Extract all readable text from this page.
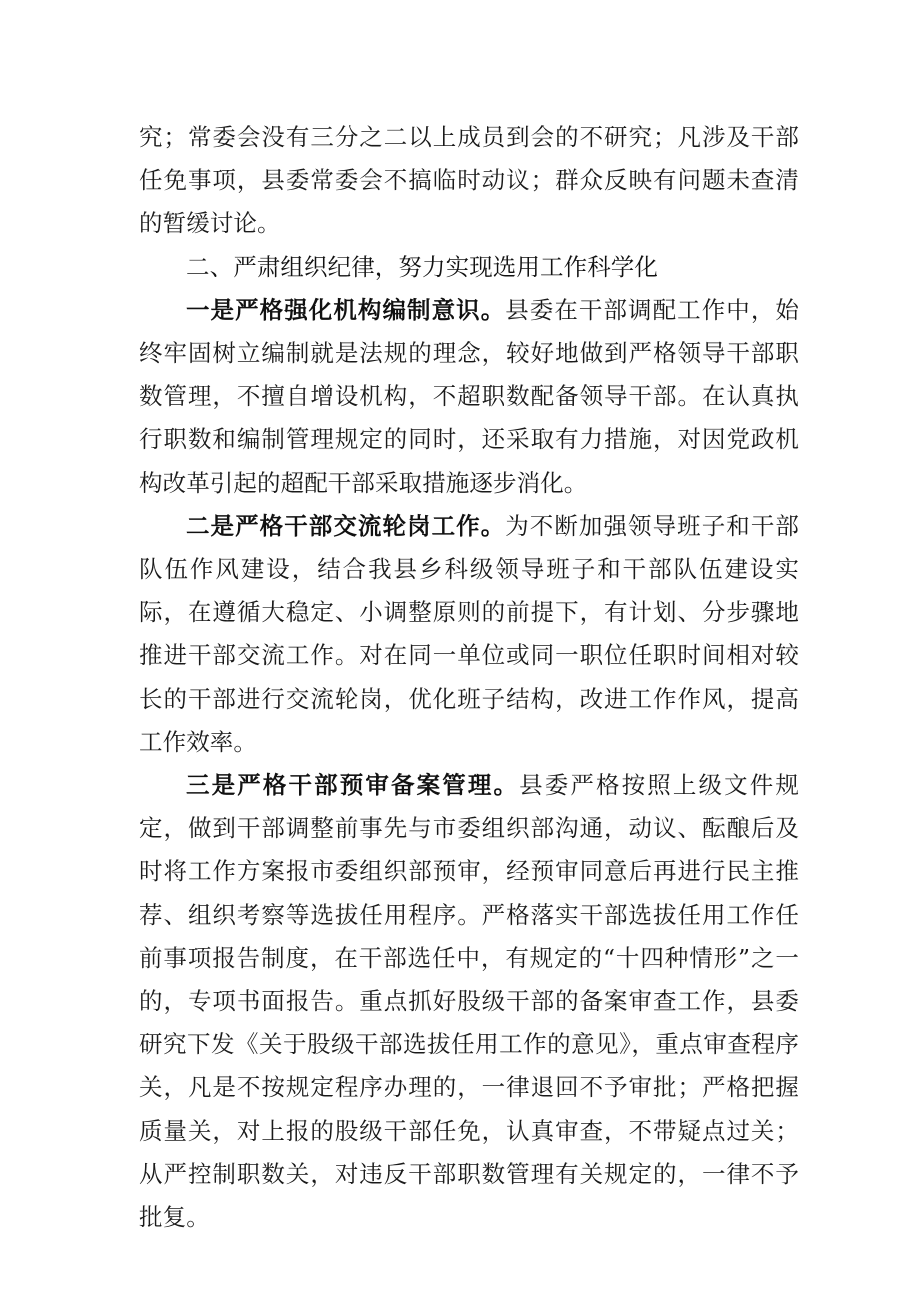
究；常委会没有三分之二以上成员到会的不研究；凡涉及干部任免事项，县委常委会不搞临时动议；群众反映有问题未查清的暂缓讨论。

二、严肃组织纪律，努力实现选用工作科学化

一是严格强化机构编制意识。县委在干部调配工作中，始终牢固树立编制就是法规的理念，较好地做到严格领导干部职数管理，不擅自增设机构，不超职数配备领导干部。在认真执行职数和编制管理规定的同时，还采取有力措施，对因党政机构改革引起的超配干部采取措施逐步消化。

二是严格干部交流轮岗工作。为不断加强领导班子和干部队伍作风建设，结合我县乡科级领导班子和干部队伍建设实际，在遵循大稳定、小调整原则的前提下，有计划、分步骤地推进干部交流工作。对在同一单位或同一职位任职时间相对较长的干部进行交流轮岗，优化班子结构，改进工作作风，提高工作效率。

三是严格干部预审备案管理。县委严格按照上级文件规定，做到干部调整前事先与市委组织部沟通，动议、酝酿后及时将工作方案报市委组织部预审，经预审同意后再进行民主推荐、组织考察等选拔任用程序。严格落实干部选拔任用工作任前事项报告制度，在干部选任中，有规定的“十四种情形”之一的，专项书面报告。重点抓好股级干部的备案审查工作，县委研究下发《关于股级干部选拔任用工作的意见》，重点审查程序关，凡是不按规定程序办理的，一律退回不予审批；严格把握质量关，对上报的股级干部任免，认真审查，不带疑点过关；从严控制职数关，对违反干部职数管理有关规定的，一律不予批复。
